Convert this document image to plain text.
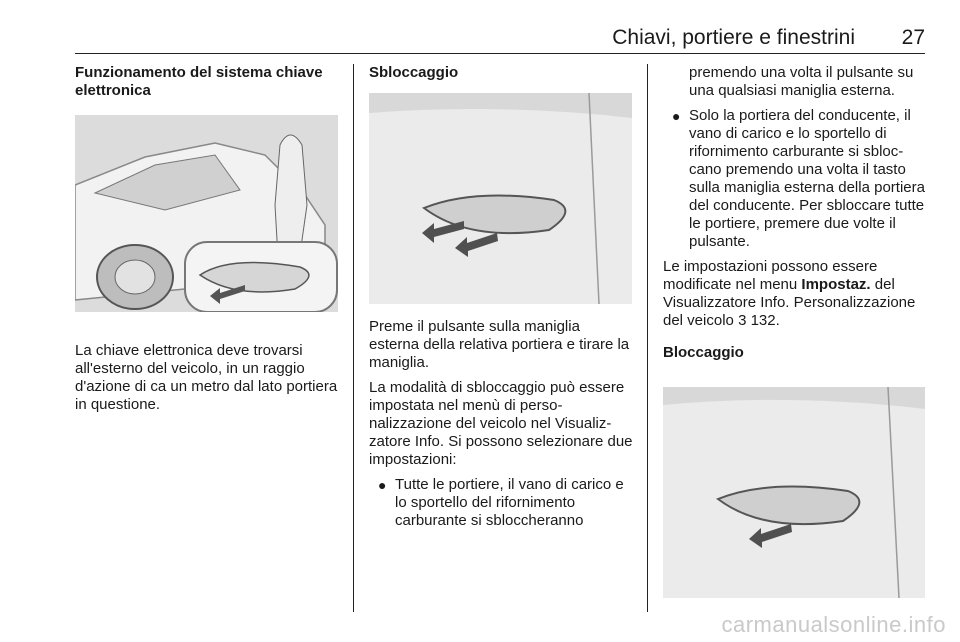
Chiavi, portiere e finestrini 27
Funzionamento del sistema chiave elettronica

La chiave elettronica deve trovarsi all'esterno del veicolo, in un raggio d'azione di ca un metro dal lato portiera in questione.

Sbloccaggio

Preme il pulsante sulla maniglia esterna della relativa portiera e tirare la maniglia.

La modalità di sbloccaggio può essere impostata nel menù di personalizzazione del veicolo nel Visualizzatore Info. Si possono selezionare due impostazioni:

● Tutte le portiere, il vano di carico e lo sportello del rifornimento carburante si sbloccheranno
premendo una volta il pulsante su una qualsiasi maniglia esterna.
● Solo la portiera del conducente, il vano di carico e lo sportello di rifornimento carburante si sbloccano premendo una volta il tasto sulla maniglia esterna della portiera del conducente. Per sbloccare tutte le portiere, premere due volte il pulsante.

Le impostazioni possono essere modificate nel menu Impostaz. del Visualizzatore Info. Personalizzazione del veicolo 3 132.

Bloccaggio
carmanualsonline.info
